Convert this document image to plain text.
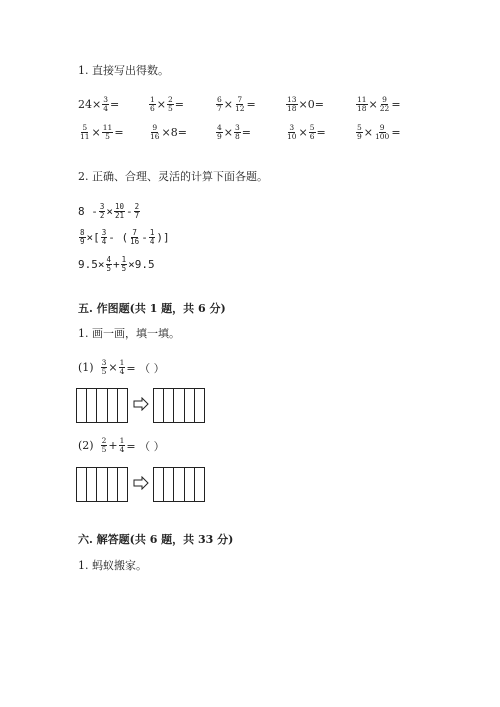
1. 直接写出得数。
$24\times \frac{3}{4}$ =	$\frac{1}{6} \times \frac{2}{5}$ =	$\frac{6}{7} \times \frac{7}{12}$ =	$\frac{13}{18} \times 0=$	$\frac{11}{18} \times \frac{9}{22}$ =
$\frac{5}{11} \times \frac{11}{5}$ =	$\frac{9}{16} \times 8=$	$\frac{4}{9} \times \frac{3}{8}$ =	$\frac{3}{10} \times \frac{5}{6}$ =	$\frac{5}{9} \times \frac{9}{100}$ =
2. 正确、合理、灵活的计算下面各题。
$8 - \frac{3}{2} \times \frac{10}{21} - \frac{2}{7}$
$\frac{8}{9}$ ×[ $\frac{3}{4}$ - ( $\frac{7}{16} - \frac{1}{4}$ )]
$9.5\times \frac{4}{5} + \frac{1}{5} \times 9.5$
五. 作图题(共 1 题，共 6 分)
1. 画一画，填一填。
$(1) \frac{3}{5} \times \frac{1}{4}$ = （ ）
$(2) \frac{2}{5} + \frac{1}{4}$ = （ ）
六. 解答题(共 6 题，共 33 分)
1. 蚂蚁搬家。
